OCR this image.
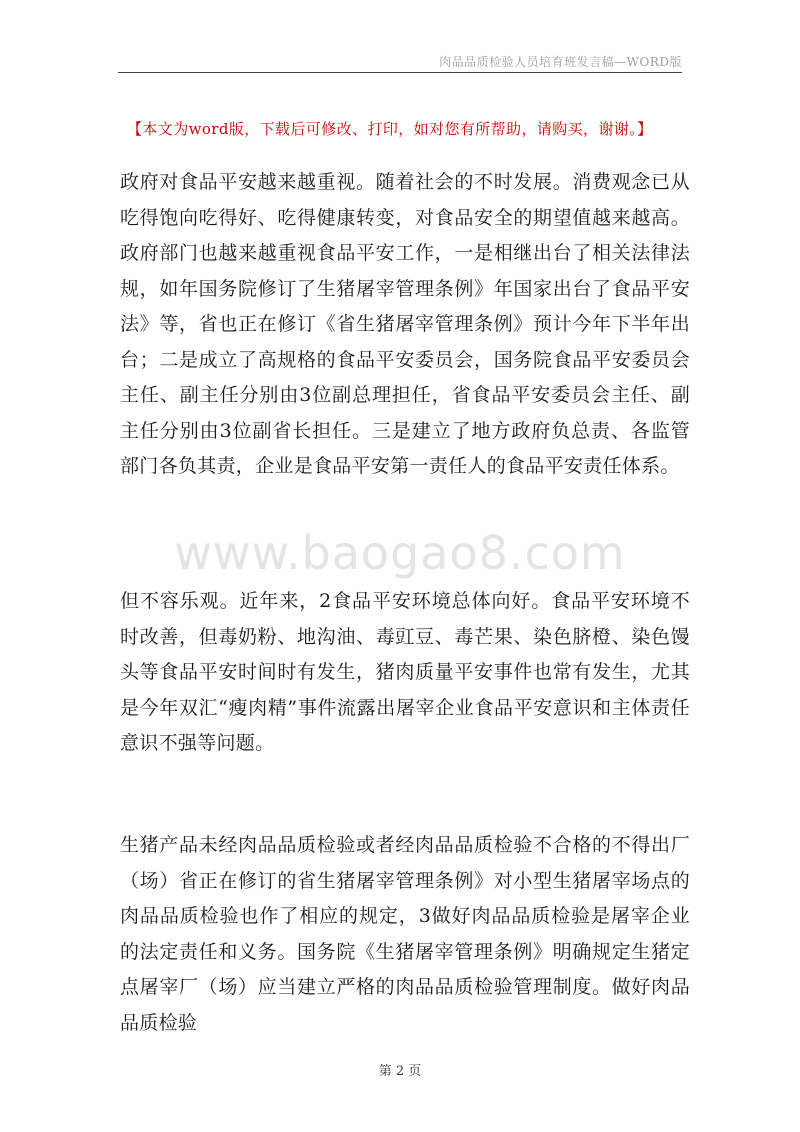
肉品品质检验人员培育班发言稿—WORD版
【本文为word版，下载后可修改、打印，如对您有所帮助，请购买，谢谢。】
www.baogao8.com
政府对食品平安越来越重视。随着社会的不时发展。消费观念已从吃得饱向吃得好、吃得健康转变，对食品安全的期望值越来越高。政府部门也越来越重视食品平安工作，一是相继出台了相关法律法规，如年国务院修订了生猪屠宰管理条例》年国家出台了食品平安法》等，省也正在修订《省生猪屠宰管理条例》预计今年下半年出台；二是成立了高规格的食品平安委员会，国务院食品平安委员会主任、副主任分别由3位副总理担任，省食品平安委员会主任、副主任分别由3位副省长担任。三是建立了地方政府负总责、各监管部门各负其责，企业是食品平安第一责任人的食品平安责任体系。
但不容乐观。近年来，2食品平安环境总体向好。食品平安环境不时改善，但毒奶粉、地沟油、毒豇豆、毒芒果、染色脐橙、染色馒头等食品平安时间时有发生，猪肉质量平安事件也常有发生，尤其是今年双汇“瘦肉精”事件流露出屠宰企业食品平安意识和主体责任意识不强等问题。
生猪产品未经肉品品质检验或者经肉品品质检验不合格的不得出厂（场）省正在修订的省生猪屠宰管理条例》对小型生猪屠宰场点的肉品品质检验也作了相应的规定，3做好肉品品质检验是屠宰企业的法定责任和义务。国务院《生猪屠宰管理条例》明确规定生猪定点屠宰厂（场）应当建立严格的肉品品质检验管理制度。做好肉品品质检验
第 2 页
